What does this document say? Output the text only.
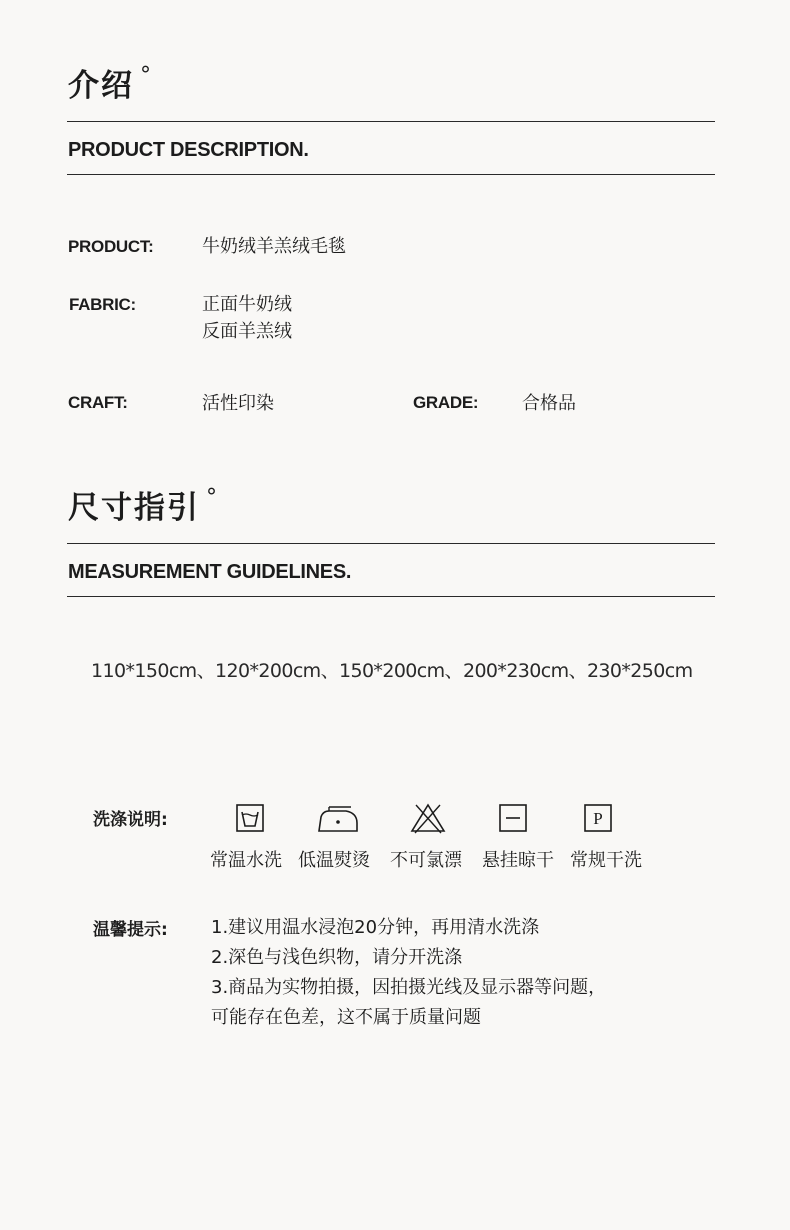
介绍 °
PRODUCT DESCRIPTION.
PRODUCT:	牛奶绒羊羔绒毛毯
FABRIC:	正面牛奶绒
反面羊羔绒
CRAFT:	活性印染	GRADE: 合格品
尺寸指引 °
MEASUREMENT GUIDELINES.
110*150cm、120*200cm、150*200cm、200*230cm、230*250cm
洗涤说明:	P
常温水洗 低温熨烫 不可氯漂 悬挂晾干 常规干洗
温馨提示: 1.建议用温水浸泡20分钟，再用清水洗涤
2.深色与浅色织物，请分开洗涤
3.商品为实物拍摄，因拍摄光线及显示器等问题，
可能存在色差，这不属于质量问题
